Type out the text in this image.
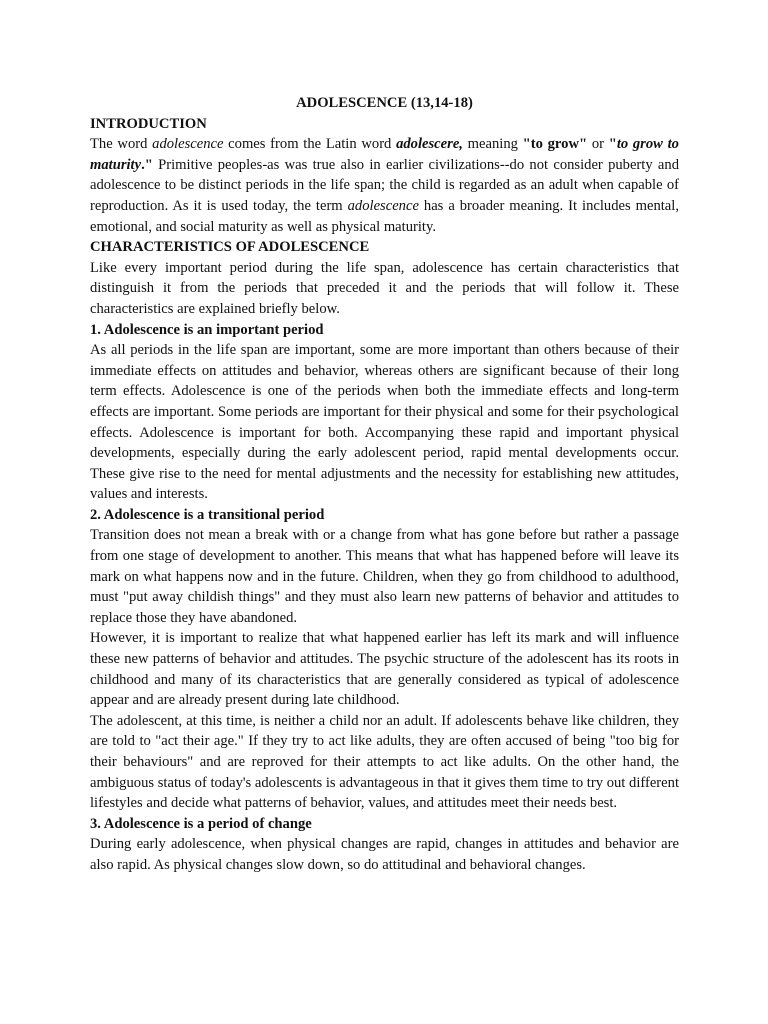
ADOLESCENCE (13,14-18)
INTRODUCTION

The word adolescence comes from the Latin word adolescere, meaning "to grow" or "to grow to maturity." Primitive peoples-as was true also in earlier civilizations--do not consider puberty and adolescence to be distinct periods in the life span; the child is regarded as an adult when capable of reproduction. As it is used today, the term adolescence has a broader meaning. It includes mental, emotional, and social maturity as well as physical maturity.

CHARACTERISTICS OF ADOLESCENCE

Like every important period during the life span, adolescence has certain characteristics that distinguish it from the periods that preceded it and the periods that will follow it. These characteristics are explained briefly below.

1. Adolescence is an important period

As all periods in the life span are important, some are more important than others because of their immediate effects on attitudes and behavior, whereas others are significant because of their long term effects. Adolescence is one of the periods when both the immediate effects and long-term effects are important. Some periods are important for their physical and some for their psychological effects. Adolescence is important for both. Accompanying these rapid and important physical developments, especially during the early adolescent period, rapid mental developments occur. These give rise to the need for mental adjustments and the necessity for establishing new attitudes, values and interests.

2. Adolescence is a transitional period

Transition does not mean a break with or a change from what has gone before but rather a passage from one stage of development to another. This means that what has happened before will leave its mark on what happens now and in the future. Children, when they go from childhood to adulthood, must "put away childish things" and they must also learn new patterns of behavior and attitudes to replace those they have abandoned.

However, it is important to realize that what happened earlier has left its mark and will influence these new patterns of behavior and attitudes. The psychic structure of the adolescent has its roots in childhood and many of its characteristics that are generally considered as typical of adolescence appear and are already present during late childhood.

The adolescent, at this time, is neither a child nor an adult. If adolescents behave like children, they are told to "act their age." If they try to act like adults, they are often accused of being "too big for their behaviours" and are reproved for their attempts to act like adults. On the other hand, the ambiguous status of today's adolescents is advantageous in that it gives them time to try out different lifestyles and decide what patterns of behavior, values, and attitudes meet their needs best.

3. Adolescence is a period of change

During early adolescence, when physical changes are rapid, changes in attitudes and behavior are also rapid. As physical changes slow down, so do attitudinal and behavioral changes.
